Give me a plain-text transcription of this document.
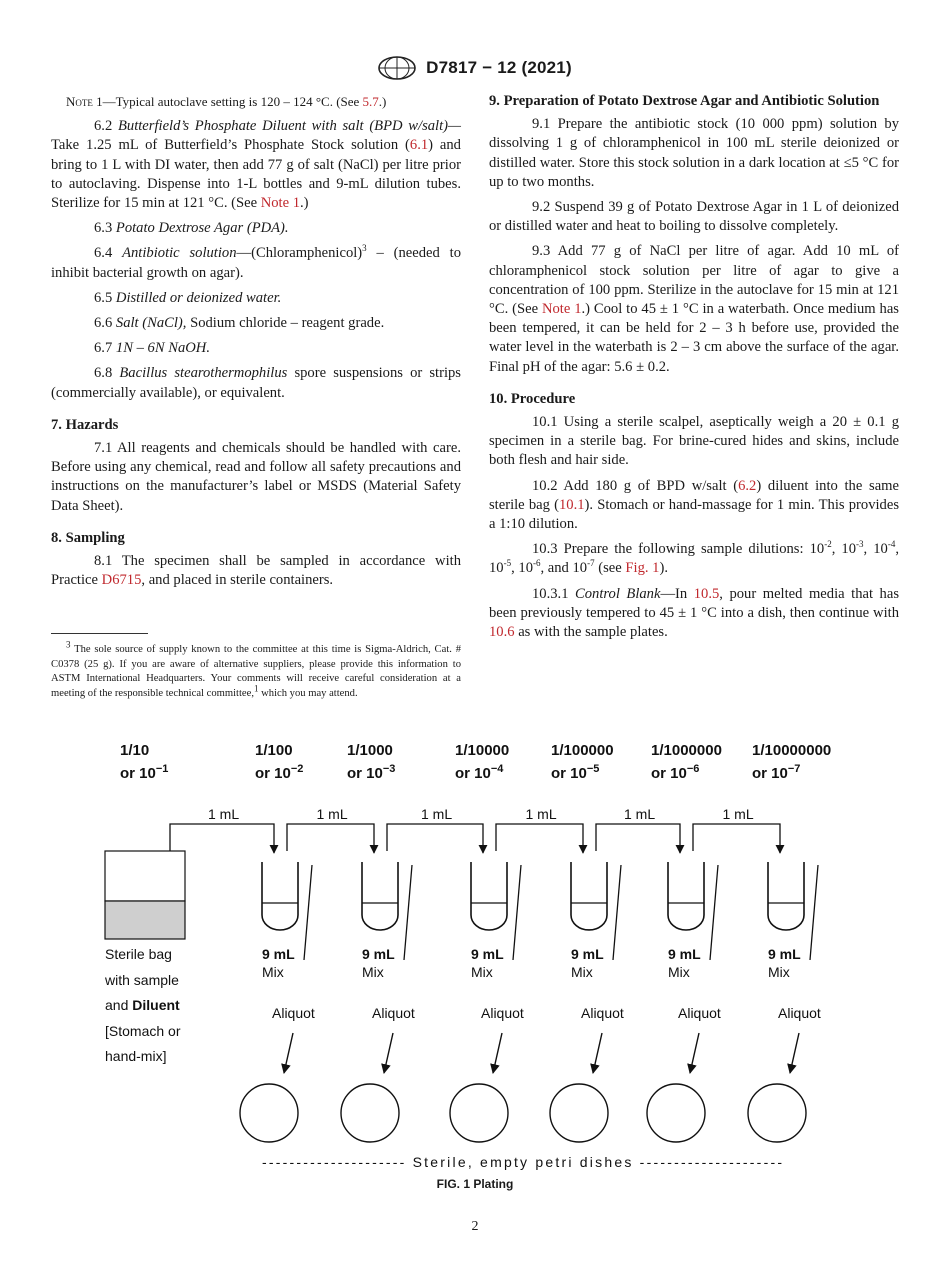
D7817 − 12 (2021)

Note 1—Typical autoclave setting is 120 – 124 °C. (See 5.7.)

6.2 Butterfield’s Phosphate Diluent with salt (BPD w/salt)— Take 1.25 mL of Butterfield’s Phosphate Stock solution (6.1) and bring to 1 L with DI water, then add 77 g of salt (NaCl) per litre prior to autoclaving. Dispense into 1-L bottles and 9-mL dilution tubes. Sterilize for 15 min at 121 °C. (See Note 1.)

6.3 Potato Dextrose Agar (PDA).

6.4 Antibiotic solution—(Chloramphenicol)$^3$ – (needed to inhibit bacterial growth on agar).

6.5 Distilled or deionized water.

6.6 Salt (NaCl), Sodium chloride – reagent grade.

6.7 1N – 6N NaOH.

6.8 Bacillus stearothermophilus spore suspensions or strips (commercially available), or equivalent.

7. Hazards

7.1 All reagents and chemicals should be handled with care. Before using any chemical, read and follow all safety precautions and instructions on the manufacturer’s label or MSDS (Material Safety Data Sheet).

8. Sampling

8.1 The specimen shall be sampled in accordance with Practice D6715, and placed in sterile containers.

$^3$ The sole source of supply known to the committee at this time is Sigma-Aldrich, Cat. # C0378 (25 g). If you are aware of alternative suppliers, please provide this information to ASTM International Headquarters. Your comments will receive careful consideration at a meeting of the responsible technical committee,$^1$ which you may attend.

9. Preparation of Potato Dextrose Agar and Antibiotic Solution

9.1 Prepare the antibiotic stock (10 000 ppm) solution by dissolving 1 g of chloramphenicol in 100 mL sterile deionized or distilled water. Store this stock solution in a dark location at ≤5 °C for up to two months.

9.2 Suspend 39 g of Potato Dextrose Agar in 1 L of deionized or distilled water and heat to boiling to dissolve completely.

9.3 Add 77 g of NaCl per litre of agar. Add 10 mL of chloramphenicol stock solution per litre of agar to give a concentration of 100 ppm. Sterilize in the autoclave for 15 min at 121 °C. (See Note 1.) Cool to 45 ± 1 °C in a waterbath. Once medium has been tempered, it can be held for 2 – 3 h before use, provided the water level in the waterbath is 2 – 3 cm above the surface of the agar. Final pH of the agar: 5.6 ± 0.2.

10. Procedure

10.1 Using a sterile scalpel, aseptically weigh a 20 ± 0.1 g specimen in a sterile bag. For brine-cured hides and skins, include both flesh and hair side.

10.2 Add 180 g of BPD w/salt (6.2) diluent into the same sterile bag (10.1). Stomach or hand-massage for 1 min. This provides a 1:10 dilution.

10.3 Prepare the following sample dilutions: $10^{-2}$, $10^{-3}$, $10^{-4}$, $10^{-5}$, $10^{-6}$, and $10^{-7}$ (see Fig. 1).

10.3.1 Control Blank—In 10.5, pour melted media that has been previously tempered to 45 ± 1 °C into a dish, then continue with 10.6 as with the sample plates.

1/10
or $10^{-1}$
1/100
or $10^{-2}$
1/1000
or $10^{-3}$
1/10000
or $10^{-4}$
1/100000
or $10^{-5}$
1/1000000
or $10^{-6}$
1/10000000
or $10^{-7}$
Sterile bag
with sample
and Diluent
[Stomach or
hand-mix]
9 mL
Mix
Aliquot
9 mL
Mix
Aliquot
9 mL
Mix
Aliquot
9 mL
Mix
Aliquot
9 mL
Mix
Aliquot
9 mL
Mix
Aliquot
1 mL	1 mL	1 mL	1 mL	1 mL	1 mL
--------------------- Sterile, empty petri dishes ---------------------
FIG. 1 Plating
2
